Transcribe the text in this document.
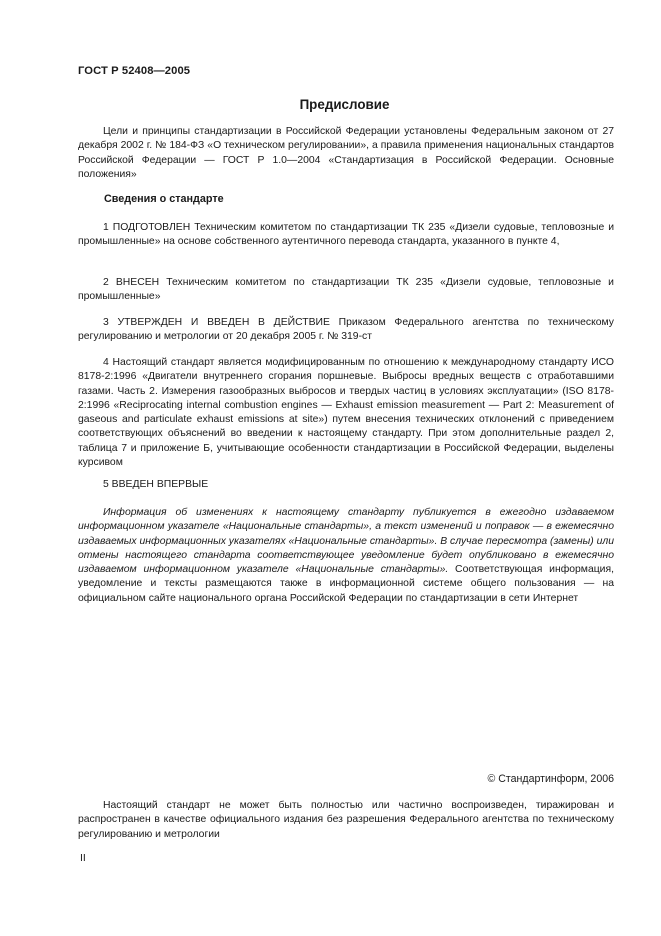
ГОСТ Р 52408—2005
Предисловие

Цели и принципы стандартизации в Российской Федерации установлены Федеральным законом от 27 декабря 2002 г. № 184-ФЗ «О техническом регулировании», а правила применения национальных стандартов Российской Федерации — ГОСТ Р 1.0—2004 «Стандартизация в Российской Федерации. Основные положения»

Сведения о стандарте

1 ПОДГОТОВЛЕН Техническим комитетом по стандартизации ТК 235 «Дизели судовые, тепловозные и промышленные» на основе собственного аутентичного перевода стандарта, указанного в пункте 4,

2 ВНЕСЕН Техническим комитетом по стандартизации ТК 235 «Дизели судовые, тепловозные и промышленные»

3 УТВЕРЖДЕН И ВВЕДЕН В ДЕЙСТВИЕ Приказом Федерального агентства по техническому регулированию и метрологии от 20 декабря 2005 г. № 319-ст

4 Настоящий стандарт является модифицированным по отношению к международному стандарту ИСО 8178-2:1996 «Двигатели внутреннего сгорания поршневые. Выбросы вредных веществ с отработавшими газами. Часть 2. Измерения газообразных выбросов и твердых частиц в условиях эксплуатации» (ISO 8178-2:1996 «Reciprocating internal combustion engines — Exhaust emission measurement — Part 2: Measurement of gaseous and particulate exhaust emissions at site») путем внесения технических отклонений с приведением соответствующих объяснений во введении к настоящему стандарту. При этом дополнительные раздел 2, таблица 7 и приложение Б, учитывающие особенности стандартизации в Российской Федерации, выделены курсивом

5 ВВЕДЕН ВПЕРВЫЕ

Информация об изменениях к настоящему стандарту публикуется в ежегодно издаваемом информационном указателе «Национальные стандарты», а текст изменений и поправок — в ежемесячно издаваемых информационных указателях «Национальные стандарты». В случае пересмотра (замены) или отмены настоящего стандарта соответствующее уведомление будет опубликовано в ежемесячно издаваемом информационном указателе «Национальные стандарты». Соответствующая информация, уведомление и тексты размещаются также в информационной системе общего пользования — на официальном сайте национального органа Российской Федерации по стандартизации в сети Интернет

© Стандартинформ, 2006

Настоящий стандарт не может быть полностью или частично воспроизведен, тиражирован и распространен в качестве официального издания без разрешения Федерального агентства по техническому регулированию и метрологии

II
